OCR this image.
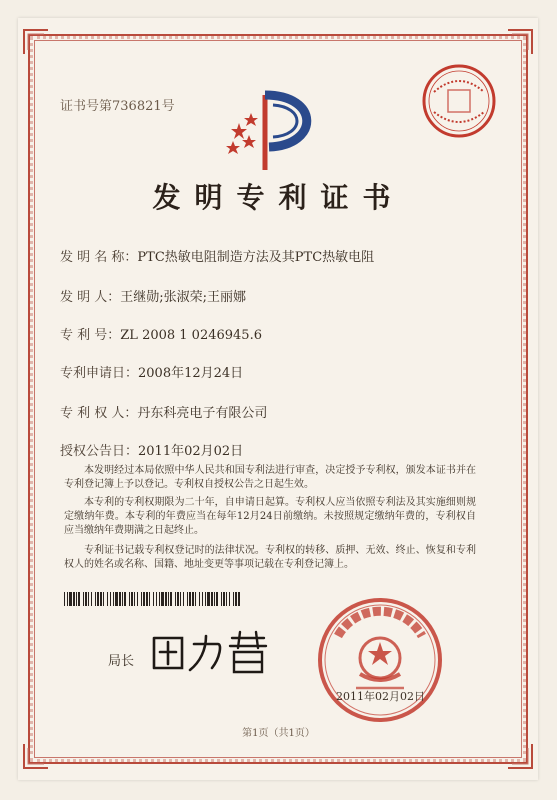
证书号第736821号
发明专利证书
发 明 名 称：PTC热敏电阻制造方法及其PTC热敏电阻
发 明 人：王继勋;张淑荣;王丽娜
专 利 号：ZL 2008 1 0246945.6
专利申请日：2008年12月24日
专 利 权 人：丹东科亮电子有限公司
授权公告日：2011年02月02日
本发明经过本局依照中华人民共和国专利法进行审查，决定授予专利权，颁发本证书并在专利登记簿上予以登记。专利权自授权公告之日起生效。
本专利的专利权期限为二十年，自申请日起算。专利权人应当依照专利法及其实施细则规定缴纳年费。本专利的年费应当在每年12月24日前缴纳。未按照规定缴纳年费的，专利权自应当缴纳年费期满之日起终止。
专利证书记载专利权登记时的法律状况。专利权的转移、质押、无效、终止、恢复和专利权人的姓名或名称、国籍、地址变更等事项记载在专利登记簿上。
局长
2011年02月02日
第1页（共1页）
